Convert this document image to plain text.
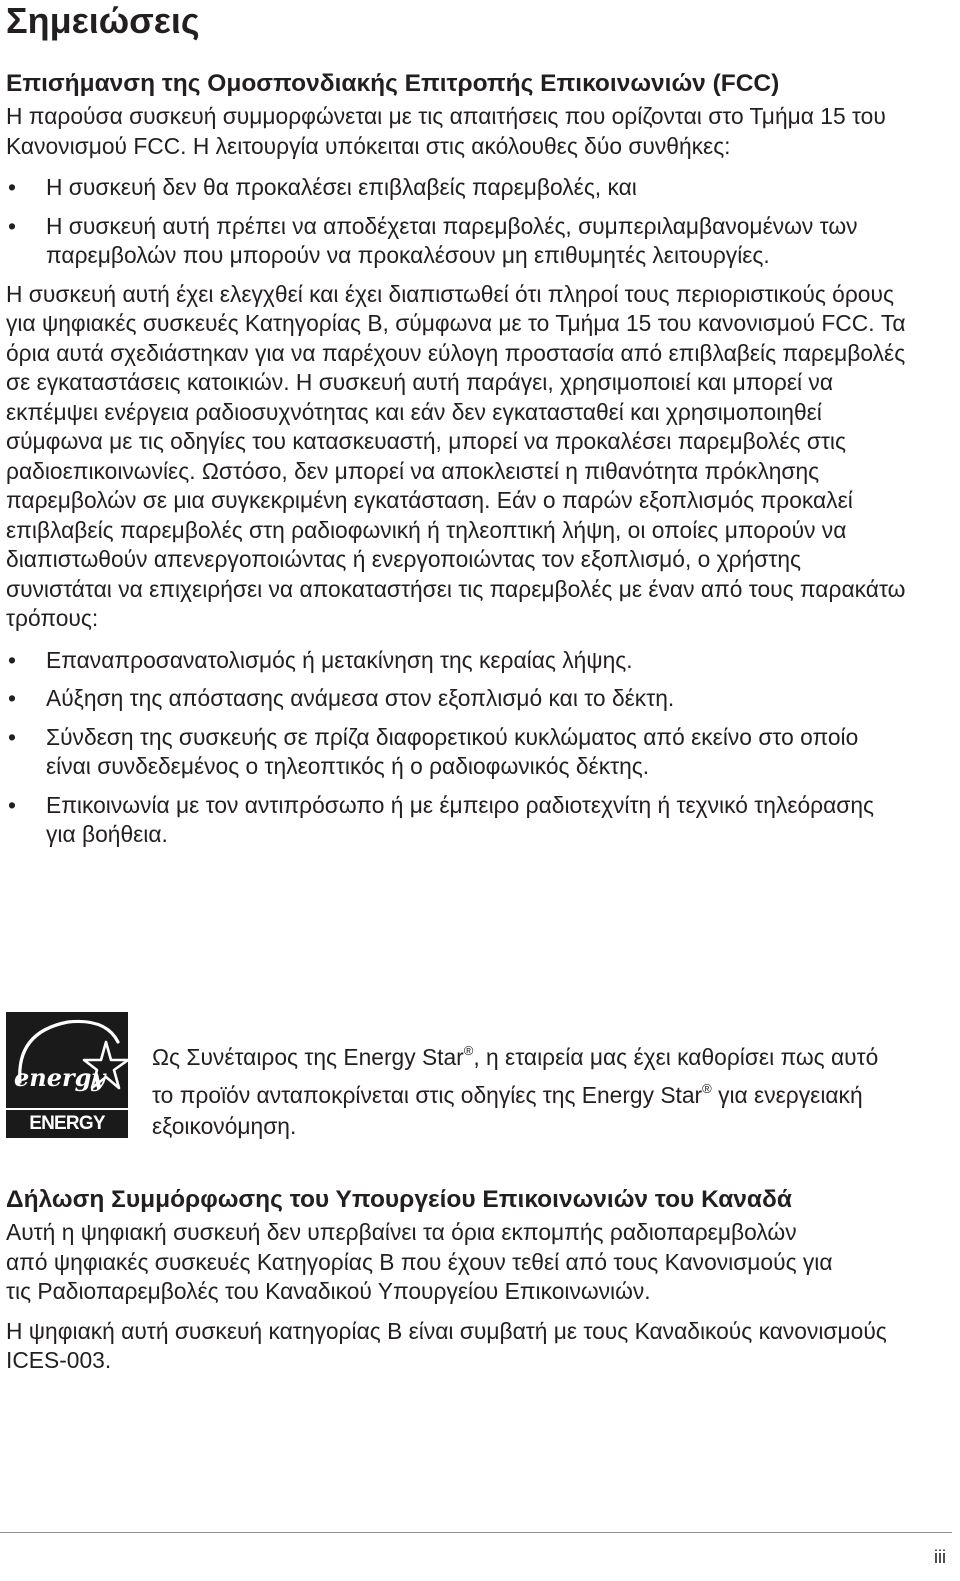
Σημειώσεις
Επισήμανση της Ομοσπονδιακής Επιτροπής Επικοινωνιών (FCC)

Η παρούσα συσκευή συμμορφώνεται με τις απαιτήσεις που ορίζονται στο Τμήμα 15 του Κανονισμού FCC. Η λειτουργία υπόκειται στις ακόλουθες δύο συνθήκες:

• Η συσκευή δεν θα προκαλέσει επιβλαβείς παρεμβολές, και
• Η συσκευή αυτή πρέπει να αποδέχεται παρεμβολές, συμπεριλαμβανομένων των παρεμβολών που μπορούν να προκαλέσουν μη επιθυμητές λειτουργίες.

Η συσκευή αυτή έχει ελεγχθεί και έχει διαπιστωθεί ότι πληροί τους περιοριστικούς όρους για ψηφιακές συσκευές Κατηγορίας Β, σύμφωνα με το Τμήμα 15 του κανονισμού FCC. Τα όρια αυτά σχεδιάστηκαν για να παρέχουν εύλογη προστασία από επιβλαβείς παρεμβολές σε εγκαταστάσεις κατοικιών. Η συσκευή αυτή παράγει, χρησιμοποιεί και μπορεί να εκπέμψει ενέργεια ραδιοσυχνότητας και εάν δεν εγκατασταθεί και χρησιμοποιηθεί σύμφωνα με τις οδηγίες του κατασκευαστή, μπορεί να προκαλέσει παρεμβολές στις ραδιοεπικοινωνίες. Ωστόσο, δεν μπορεί να αποκλειστεί η πιθανότητα πρόκλησης παρεμβολών σε μια συγκεκριμένη εγκατάσταση. Εάν ο παρών εξοπλισμός προκαλεί επιβλαβείς παρεμβολές στη ραδιοφωνική ή τηλεοπτική λήψη, οι οποίες μπορούν να διαπιστωθούν απενεργοποιώντας ή ενεργοποιώντας τον εξοπλισμό, ο χρήστης συνιστάται να επιχειρήσει να αποκαταστήσει τις παρεμβολές με έναν από τους παρακάτω τρόπους:

• Επαναπροσανατολισμός ή μετακίνηση της κεραίας λήψης.
• Αύξηση της απόστασης ανάμεσα στον εξοπλισμό και το δέκτη.
• Σύνδεση της συσκευής σε πρίζα διαφορετικού κυκλώματος από εκείνο στο οποίο είναι συνδεδεμένος ο τηλεοπτικός ή ο ραδιοφωνικός δέκτης.
• Επικοινωνία με τον αντιπρόσωπο ή με έμπειρο ραδιοτεχνίτη ή τεχνικό τηλεόρασης για βοήθεια.
energy
ENERGY STAR

Ως Συνέταιρος της Energy Star®, η εταιρεία μας έχει καθορίσει πως αυτό το προϊόν ανταποκρίνεται στις οδηγίες της Energy Star® για ενεργειακή εξοικονόμηση.

Δήλωση Συμμόρφωσης του Υπουργείου Επικοινωνιών του Καναδά

Αυτή η ψηφιακή συσκευή δεν υπερβαίνει τα όρια εκπομπής ραδιοπαρεμβολών από ψηφιακές συσκευές Κατηγορίας Β που έχουν τεθεί από τους Κανονισμούς για τις Ραδιοπαρεμβολές του Καναδικού Υπουργείου Επικοινωνιών.

Η ψηφιακή αυτή συσκευή κατηγορίας Β είναι συμβατή με τους Καναδικούς κανονισμούς ICES-003.

iii
